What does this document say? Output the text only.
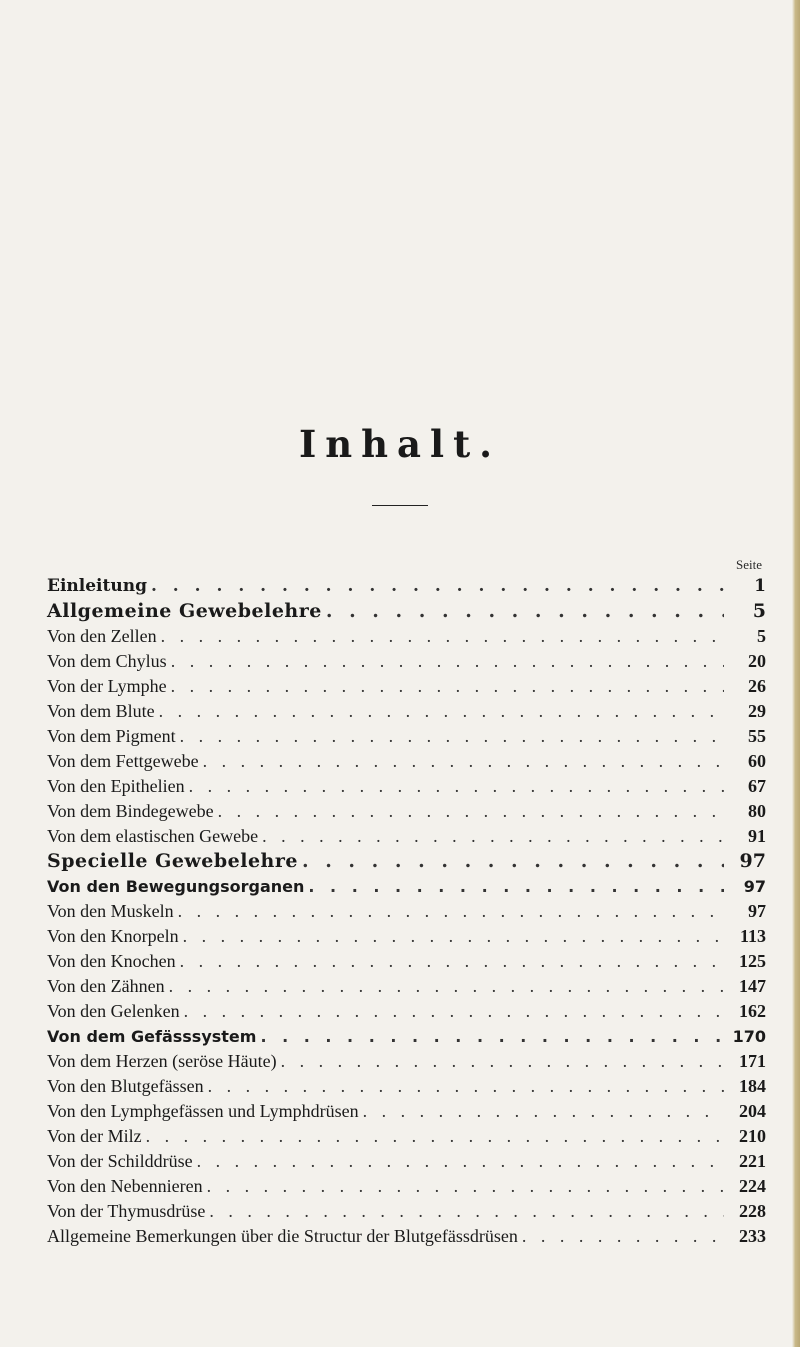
Inhalt.
Seite
Einleitung . . .	1
Allgemeine Gewebelehre . . .	5
Von den Zellen . . .	5
Von dem Chylus . . .	20
Von der Lymphe . . .	26
Von dem Blute . . .	29
Von dem Pigment . . .	55
Von dem Fettgewebe . . .	60
Von den Epithelien . . .	67
Von dem Bindegewebe . . .	80
Von dem elastischen Gewebe . . .	91
Specielle Gewebelehre . . .	97
Von den Bewegungsorganen . . .	97
Von den Muskeln . . .	97
Von den Knorpeln . . .	113
Von den Knochen . . .	125
Von den Zähnen . . .	147
Von den Gelenken . . .	162
Von dem Gefässsystem . . .	170
Von dem Herzen (seröse Häute) . . .	171
Von den Blutgefässen . . .	184
Von den Lymphgefässen und Lymphdrüsen . . .	204
Von der Milz . . .	210
Von der Schilddrüse . . .	221
Von den Nebennieren . . .	224
Von der Thymusdrüse . . .	228
Allgemeine Bemerkungen über die Structur der Blutgefässdrüsen . . .	233
